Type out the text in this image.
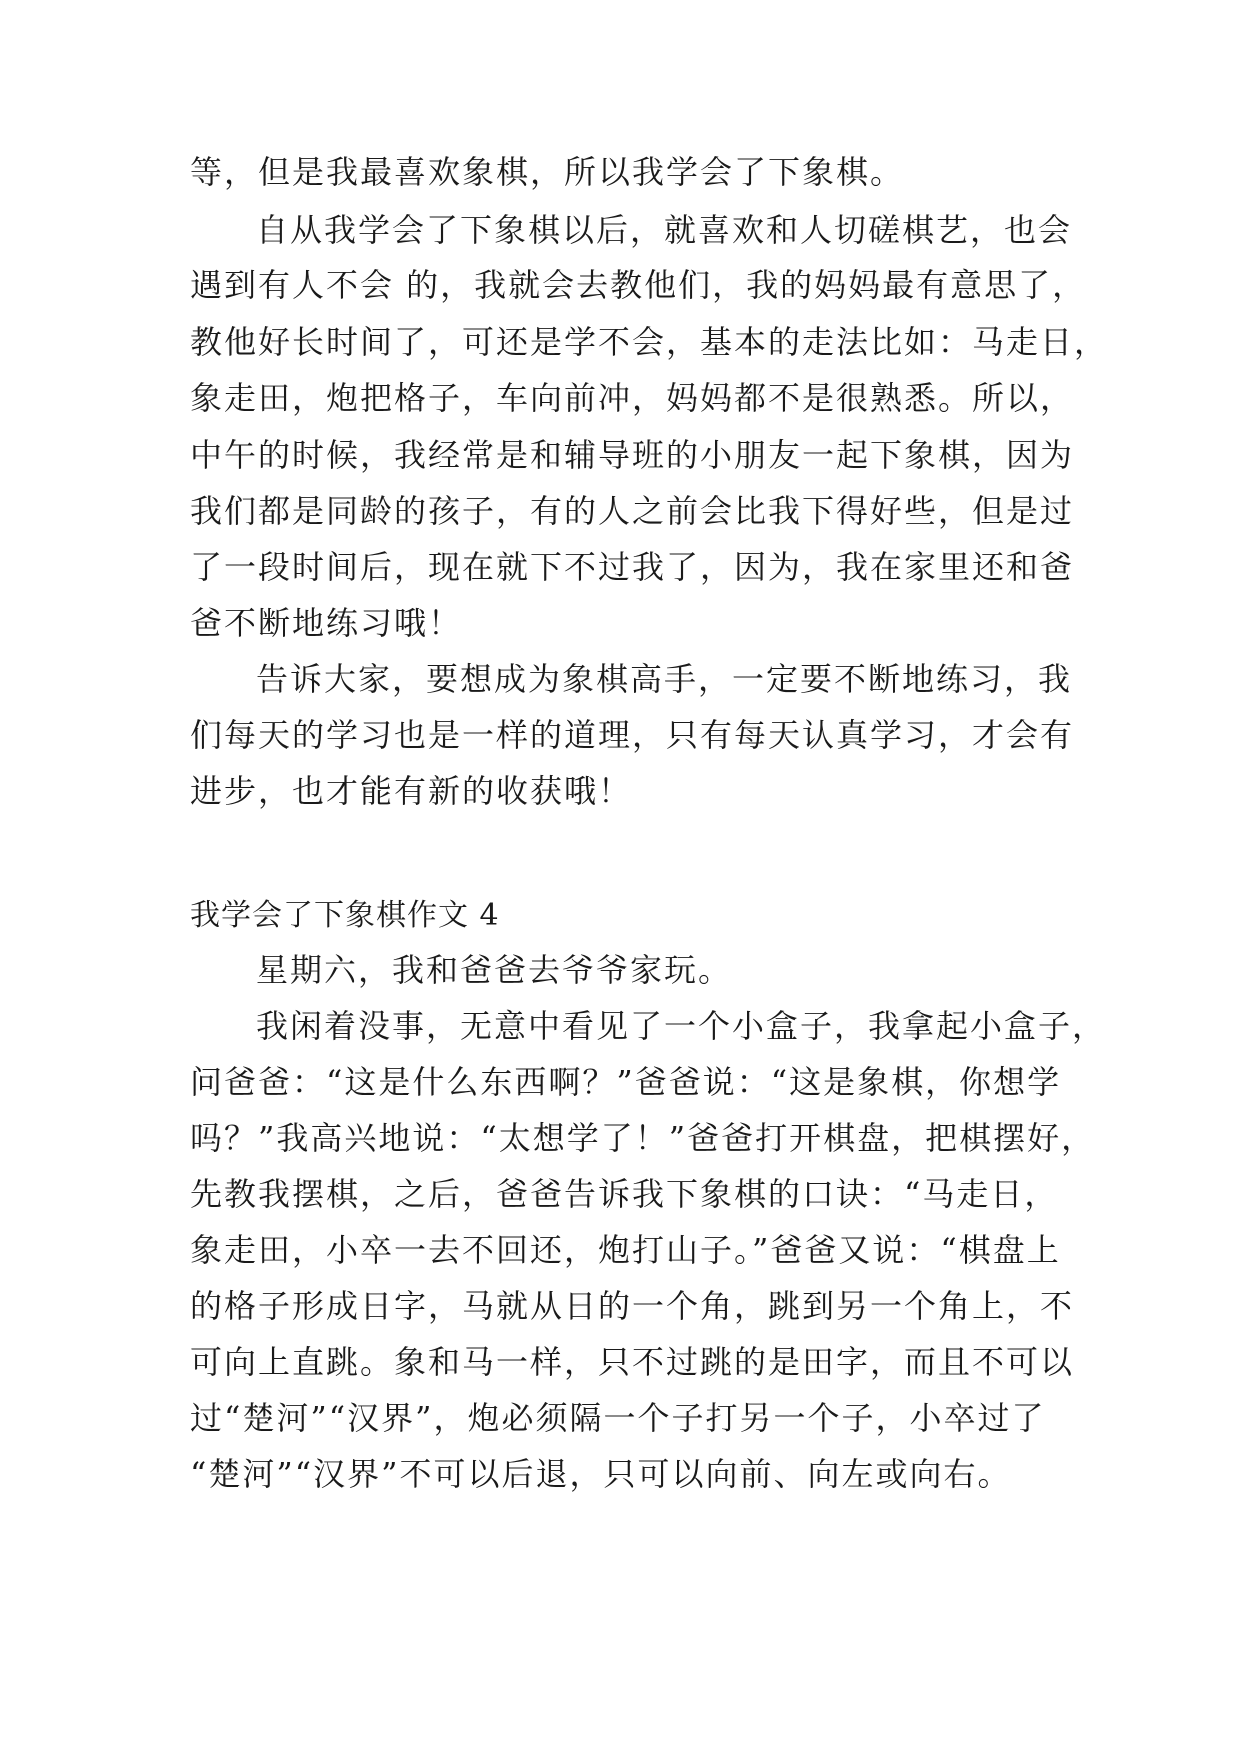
等，但是我最喜欢象棋，所以我学会了下象棋。
自从我学会了下象棋以后，就喜欢和人切磋棋艺，也会
遇到有人不会 的，我就会去教他们，我的妈妈最有意思了，
教他好长时间了，可还是学不会，基本的走法比如：马走日，
象走田，炮把格子，车向前冲，妈妈都不是很熟悉。所以，
中午的时候，我经常是和辅导班的小朋友一起下象棋，因为
我们都是同龄的孩子，有的人之前会比我下得好些，但是过
了一段时间后，现在就下不过我了，因为，我在家里还和爸
爸不断地练习哦！
告诉大家，要想成为象棋高手，一定要不断地练习，我
们每天的学习也是一样的道理，只有每天认真学习，才会有
进步，也才能有新的收获哦！
我学会了下象棋作文 4
星期六，我和爸爸去爷爷家玩。
我闲着没事，无意中看见了一个小盒子，我拿起小盒子，
问爸爸：“这是什么东西啊？”爸爸说：“这是象棋，你想学
吗？”我高兴地说：“太想学了！”爸爸打开棋盘，把棋摆好，
先教我摆棋，之后，爸爸告诉我下象棋的口诀：“马走日，
象走田，小卒一去不回还，炮打山子。”爸爸又说：“棋盘上
的格子形成日字，马就从日的一个角，跳到另一个角上，不
可向上直跳。象和马一样，只不过跳的是田字，而且不可以
过“楚河”“汉界”，炮必须隔一个子打另一个子，小卒过了
“楚河”“汉界”不可以后退，只可以向前、向左或向右。
